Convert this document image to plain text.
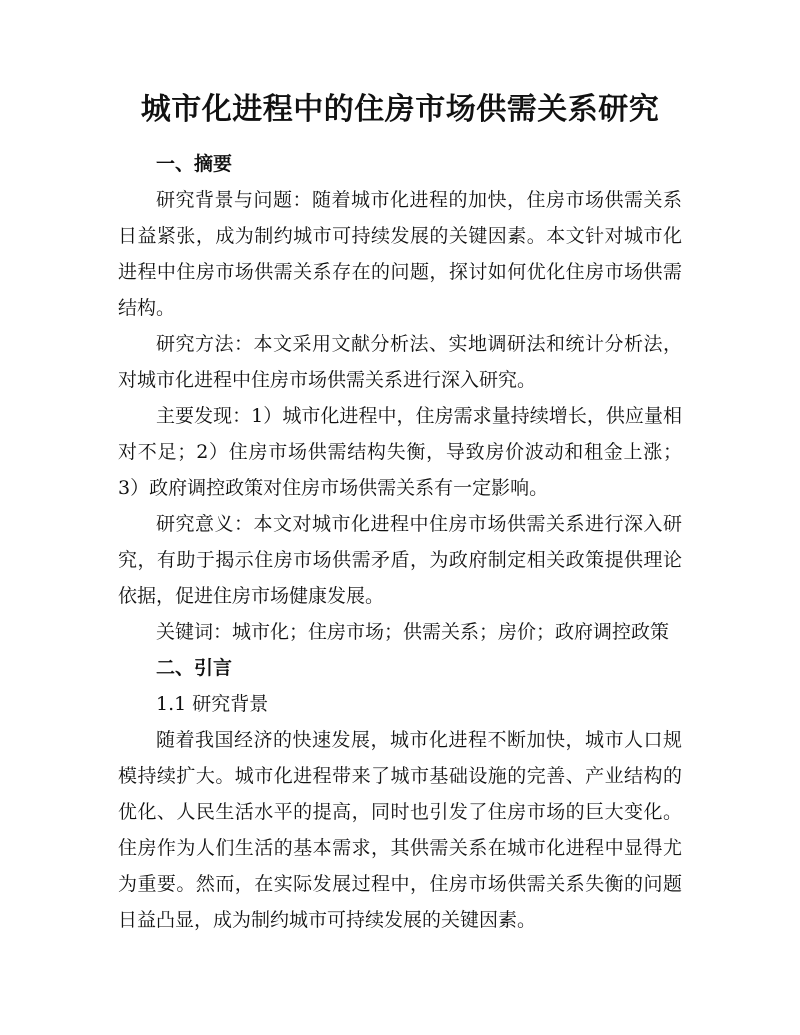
城市化进程中的住房市场供需关系研究
一、摘要

研究背景与问题：随着城市化进程的加快，住房市场供需关系日益紧张，成为制约城市可持续发展的关键因素。本文针对城市化进程中住房市场供需关系存在的问题，探讨如何优化住房市场供需结构。

研究方法：本文采用文献分析法、实地调研法和统计分析法，对城市化进程中住房市场供需关系进行深入研究。

主要发现：1）城市化进程中，住房需求量持续增长，供应量相对不足；2）住房市场供需结构失衡，导致房价波动和租金上涨；3）政府调控政策对住房市场供需关系有一定影响。

研究意义：本文对城市化进程中住房市场供需关系进行深入研究，有助于揭示住房市场供需矛盾，为政府制定相关政策提供理论依据，促进住房市场健康发展。

关键词：城市化；住房市场；供需关系；房价；政府调控政策

二、引言

1.1 研究背景

随着我国经济的快速发展，城市化进程不断加快，城市人口规模持续扩大。城市化进程带来了城市基础设施的完善、产业结构的优化、人民生活水平的提高，同时也引发了住房市场的巨大变化。住房作为人们生活的基本需求，其供需关系在城市化进程中显得尤为重要。然而，在实际发展过程中，住房市场供需关系失衡的问题日益凸显，成为制约城市可持续发展的关键因素。
